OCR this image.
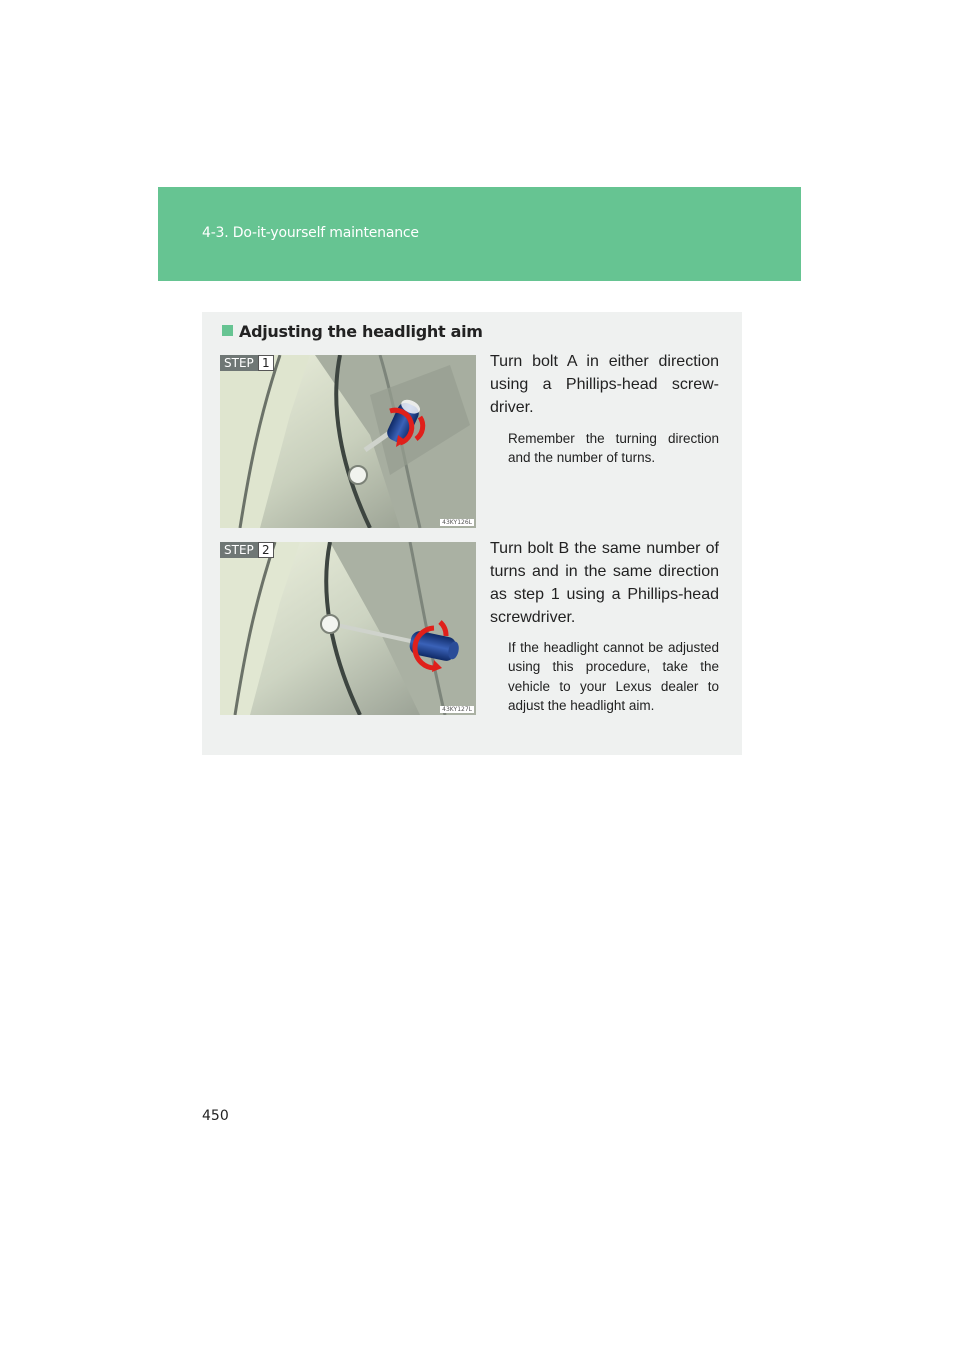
4-3. Do-it-yourself maintenance
Adjusting the headlight aim
STEP 1
43KY126L
Turn bolt A in either direction using a Phillips-head screw-driver.
Remember the turning direction and the number of turns.
STEP 2
43KY127L
Turn bolt B the same number of turns and in the same direction as step 1 using a Phillips-head screwdriver.
If the headlight cannot be adjusted using this procedure, take the vehicle to your Lexus dealer to adjust the headlight aim.
450
